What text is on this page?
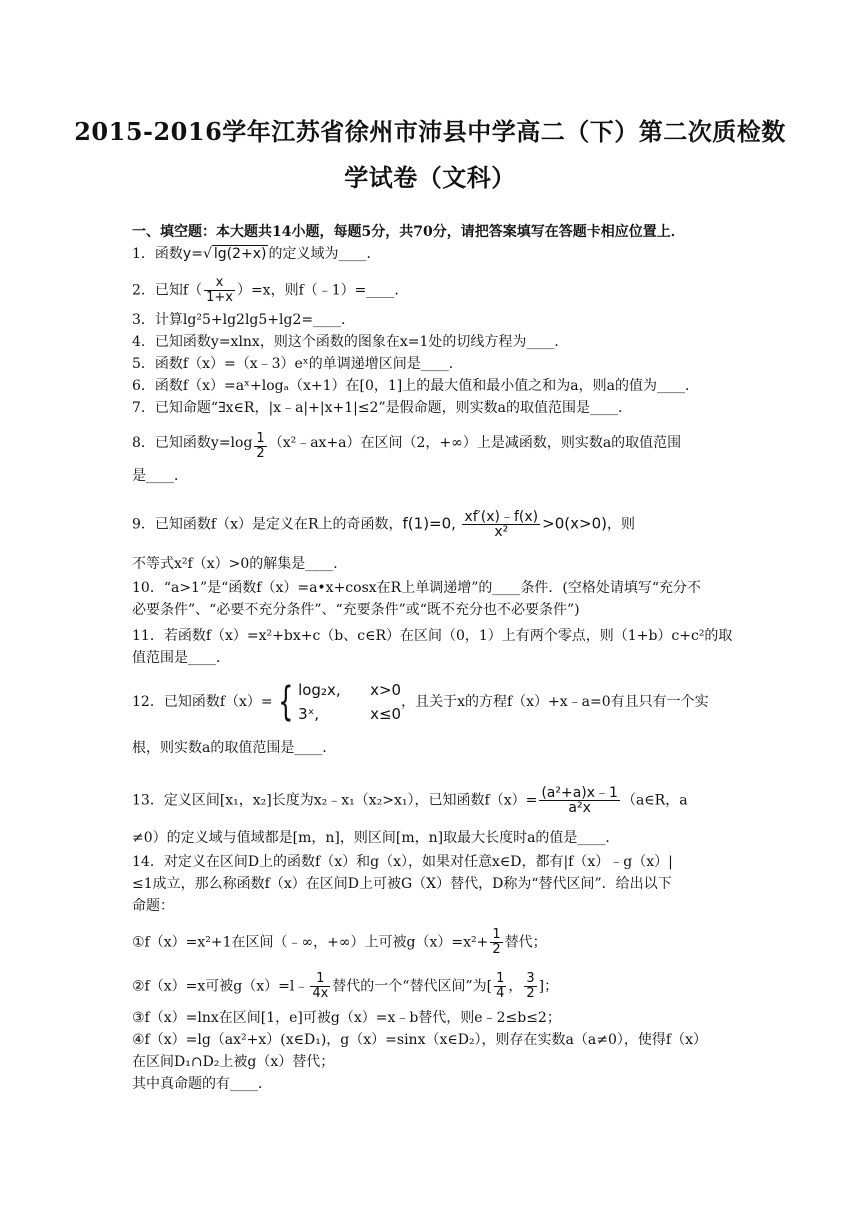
2015-2016学年江苏省徐州市沛县中学高二（下）第二次质检数
学试卷（文科）
一、填空题：本大题共14小题，每题5分，共70分，请把答案填写在答题卡相应位置上．
1．函数y=√ lg(2+x) 的定义域为____．
2．已知$f( \frac{x}{1+x} )=x$，则f（﹣1）=____．
3．计算lg²5+lg2lg5+lg2=____．
4．已知函数y=xlnx，则这个函数的图象在x=1处的切线方程为____．
5．函数f（x）=（x﹣3）eˣ的单调递增区间是____．
6．函数f（x）=aˣ+logₐ（x+1）在[0，1]上的最大值和最小值之和为a，则a的值为____．
7．已知命题“∃x∈R，|x﹣a|+|x+1|≤2”是假命题，则实数a的取值范围是____．
8．已知函数$y=\log \frac{1}{2}$ （x²﹣ax+a）在区间（2，+∞）上是减函数，则实数a的取值范围
是____．
9．已知函数f（x）是定义在R上的奇函数，f(1)=0, $\frac{xf'(x)﹣f(x)}{\text{x²}} >0(x>0)$，则
不等式x²f（x）>0的解集是____．
10．“a>1”是“函数f（x）=a•x+cosx在R上单调递增”的____条件．(空格处请填写“充分不
必要条件”、“必要不充分条件”、“充要条件”或“既不充分也不必要条件”)
11．若函数f（x）=x²+bx+c（b、c∈R）在区间（0，1）上有两个零点，则（1+b）c+c²的取
值范围是____．
12．已知函数f（x）= { log₂x, x>0
3ˣ,	x≤0
，且关于x的方程f（x）+x﹣a=0有且只有一个实
根，则实数a的取值范围是____．
13．定义区间[x₁，x₂]长度为x₂﹣x₁（x₂>x₁），已知函数$f(x)= \frac{\text{(a²+a)x﹣1}}{\text{a²x}}$ （a∈R，a
≠0）的定义域与值域都是[m，n]，则区间[m，n]取最大长度时a的值是____．
14．对定义在区间D上的函数f（x）和g（x），如果对任意x∈D，都有|f（x）﹣g（x）|
≤1成立，那么称函数f（x）在区间D上可被G（X）替代，D称为“替代区间”．给出以下
命题：
①f（x）=x²+1在区间（﹣∞，+∞）上可被$g(x)=x^2+ \frac{1}{2}$ 替代；
②f（x）=x可被g（x）=l﹣ $\frac{1}{4x}$ 替代的一个“替代区间”为[ $\frac{1}{4}$ ， $\frac{3}{2}$ ]；
③f（x）=lnx在区间[1，e]可被g（x）=x﹣b替代，则e﹣2≤b≤2；
④f（x）=lg（ax²+x）(x∈D₁)，g（x）=sinx（x∈D₂），则存在实数a（a≠0），使得f（x）
在区间D₁∩D₂上被g（x）替代；
其中真命题的有____．
